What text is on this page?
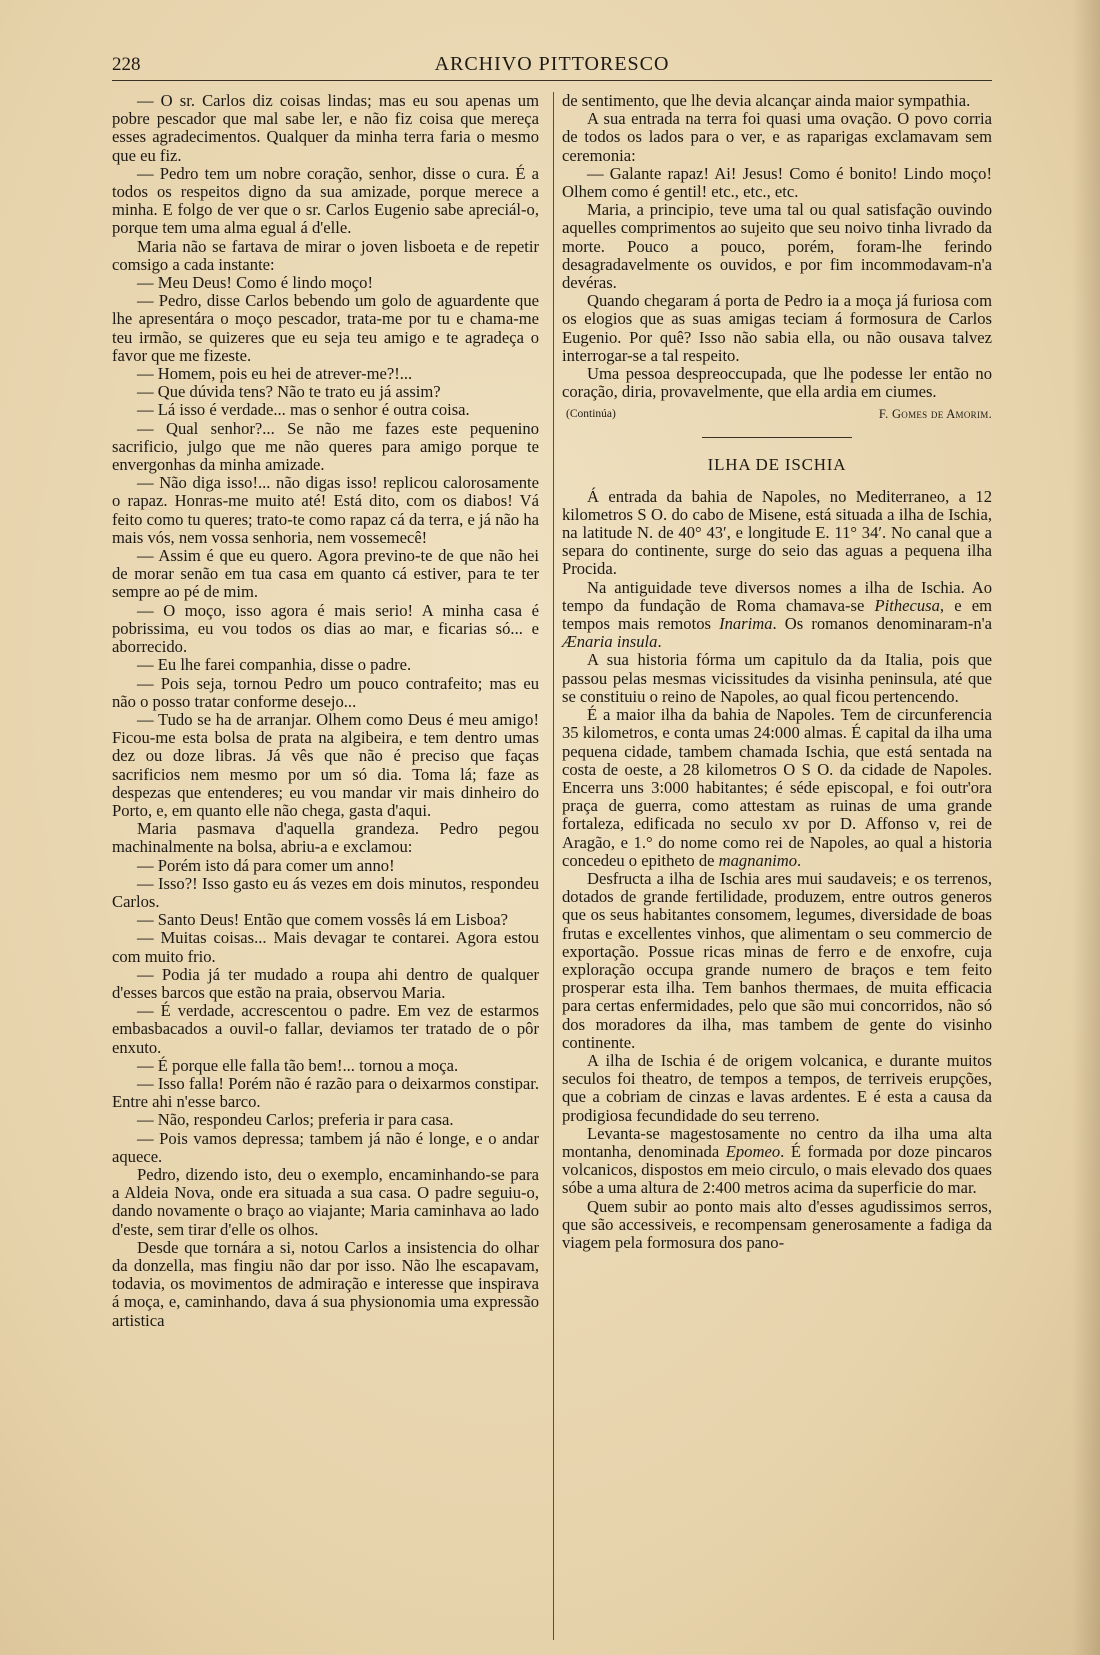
228	ARCHIVO PITTORESCO

— O sr. Carlos diz coisas lindas; mas eu sou apenas um pobre pescador que mal sabe ler, e não fiz coisa que mereça esses agradecimentos. Qualquer da minha terra faria o mesmo que eu fiz.

— Pedro tem um nobre coração, senhor, disse o cura. É a todos os respeitos digno da sua amizade, porque merece a minha. E folgo de ver que o sr. Carlos Eugenio sabe apreciál-o, porque tem uma alma egual á d'elle.

Maria não se fartava de mirar o joven lisboeta e de repetir comsigo a cada instante:

— Meu Deus! Como é lindo moço!

— Pedro, disse Carlos bebendo um golo de aguardente que lhe apresentára o moço pescador, trata-me por tu e chama-me teu irmão, se quizeres que eu seja teu amigo e te agradeça o favor que me fizeste.

— Homem, pois eu hei de atrever-me?!...

— Que dúvida tens? Não te trato eu já assim?

— Lá isso é verdade... mas o senhor é outra coisa.

— Qual senhor?... Se não me fazes este pequenino sacrificio, julgo que me não queres para amigo porque te envergonhas da minha amizade.

— Não diga isso!... não digas isso! replicou calorosamente o rapaz. Honras-me muito até! Está dito, com os diabos! Vá feito como tu queres; trato-te como rapaz cá da terra, e já não ha mais vós, nem vossa senhoria, nem vossemecê!

— Assim é que eu quero. Agora previno-te de que não hei de morar senão em tua casa em quanto cá estiver, para te ter sempre ao pé de mim.

— O moço, isso agora é mais serio! A minha casa é pobrissima, eu vou todos os dias ao mar, e ficarias só... e aborrecido.

— Eu lhe farei companhia, disse o padre.

— Pois seja, tornou Pedro um pouco contrafeito; mas eu não o posso tratar conforme desejo...

— Tudo se ha de arranjar. Olhem como Deus é meu amigo! Ficou-me esta bolsa de prata na algibeira, e tem dentro umas dez ou doze libras. Já vês que não é preciso que faças sacrificios nem mesmo por um só dia. Toma lá; faze as despezas que entenderes; eu vou mandar vir mais dinheiro do Porto, e, em quanto elle não chega, gasta d'aqui.

Maria pasmava d'aquella grandeza. Pedro pegou machinalmente na bolsa, abriu-a e exclamou:

— Porém isto dá para comer um anno!

— Isso?! Isso gasto eu ás vezes em dois minutos, respondeu Carlos.

— Santo Deus! Então que comem vossês lá em Lisboa?

— Muitas coisas... Mais devagar te contarei. Agora estou com muito frio.

— Podia já ter mudado a roupa ahi dentro de qualquer d'esses barcos que estão na praia, observou Maria.

— É verdade, accrescentou o padre. Em vez de estarmos embasbacados a ouvil-o fallar, deviamos ter tratado de o pôr enxuto.

— É porque elle falla tão bem!... tornou a moça.

— Isso falla! Porém não é razão para o deixarmos constipar. Entre ahi n'esse barco.

— Não, respondeu Carlos; preferia ir para casa.

— Pois vamos depressa; tambem já não é longe, e o andar aquece.

Pedro, dizendo isto, deu o exemplo, encaminhando-se para a Aldeia Nova, onde era situada a sua casa. O padre seguiu-o, dando novamente o braço ao viajante; Maria caminhava ao lado d'este, sem tirar d'elle os olhos.

Desde que tornára a si, notou Carlos a insistencia do olhar da donzella, mas fingiu não dar por isso. Não lhe escapavam, todavia, os movimentos de admiração e interesse que inspirava á moça, e, caminhando, dava á sua physionomia uma expressão artistica

de sentimento, que lhe devia alcançar ainda maior sympathia.

A sua entrada na terra foi quasi uma ovação. O povo corria de todos os lados para o ver, e as raparigas exclamavam sem ceremonia:

— Galante rapaz! Ai! Jesus! Como é bonito! Lindo moço! Olhem como é gentil! etc., etc., etc.

Maria, a principio, teve uma tal ou qual satisfação ouvindo aquelles comprimentos ao sujeito que seu noivo tinha livrado da morte. Pouco a pouco, porém, foram-lhe ferindo desagradavelmente os ouvidos, e por fim incommodavam-n'a devéras.

Quando chegaram á porta de Pedro ia a moça já furiosa com os elogios que as suas amigas teciam á formosura de Carlos Eugenio. Por quê? Isso não sabia ella, ou não ousava talvez interrogar-se a tal respeito.

Uma pessoa despreoccupada, que lhe podesse ler então no coração, diria, provavelmente, que ella ardia em ciumes.

(Continúa)	F. Gomes de Amorim.
ILHA DE ISCHIA

Á entrada da bahia de Napoles, no Mediterraneo, a 12 kilometros S O. do cabo de Misene, está situada a ilha de Ischia, na latitude N. de 40° 43′, e longitude E. 11° 34′. No canal que a separa do continente, surge do seio das aguas a pequena ilha Procida.

Na antiguidade teve diversos nomes a ilha de Ischia. Ao tempo da fundação de Roma chamava-se Pithecusa, e em tempos mais remotos Inarima. Os romanos denominaram-n'a Ænaria insula.

A sua historia fórma um capitulo da da Italia, pois que passou pelas mesmas vicissitudes da visinha peninsula, até que se constituiu o reino de Napoles, ao qual ficou pertencendo.

É a maior ilha da bahia de Napoles. Tem de circunferencia 35 kilometros, e conta umas 24:000 almas. É capital da ilha uma pequena cidade, tambem chamada Ischia, que está sentada na costa de oeste, a 28 kilometros O S O. da cidade de Napoles. Encerra uns 3:000 habitantes; é séde episcopal, e foi outr'ora praça de guerra, como attestam as ruinas de uma grande fortaleza, edificada no seculo xv por D. Affonso v, rei de Aragão, e 1.° do nome como rei de Napoles, ao qual a historia concedeu o epitheto de magnanimo.

Desfructa a ilha de Ischia ares mui saudaveis; e os terrenos, dotados de grande fertilidade, produzem, entre outros generos que os seus habitantes consomem, legumes, diversidade de boas frutas e excellentes vinhos, que alimentam o seu commercio de exportação. Possue ricas minas de ferro e de enxofre, cuja exploração occupa grande numero de braços e tem feito prosperar esta ilha. Tem banhos thermaes, de muita efficacia para certas enfermidades, pelo que são mui concorridos, não só dos moradores da ilha, mas tambem de gente do visinho continente.

A ilha de Ischia é de origem volcanica, e durante muitos seculos foi theatro, de tempos a tempos, de terriveis erupções, que a cobriam de cinzas e lavas ardentes. E é esta a causa da prodigiosa fecundidade do seu terreno.

Levanta-se magestosamente no centro da ilha uma alta montanha, denominada Epomeo. É formada por doze pincaros volcanicos, dispostos em meio circulo, o mais elevado dos quaes sóbe a uma altura de 2:400 metros acima da superficie do mar.

Quem subir ao ponto mais alto d'esses agudissimos serros, que são accessiveis, e recompensam generosamente a fadiga da viagem pela formosura dos pano-
